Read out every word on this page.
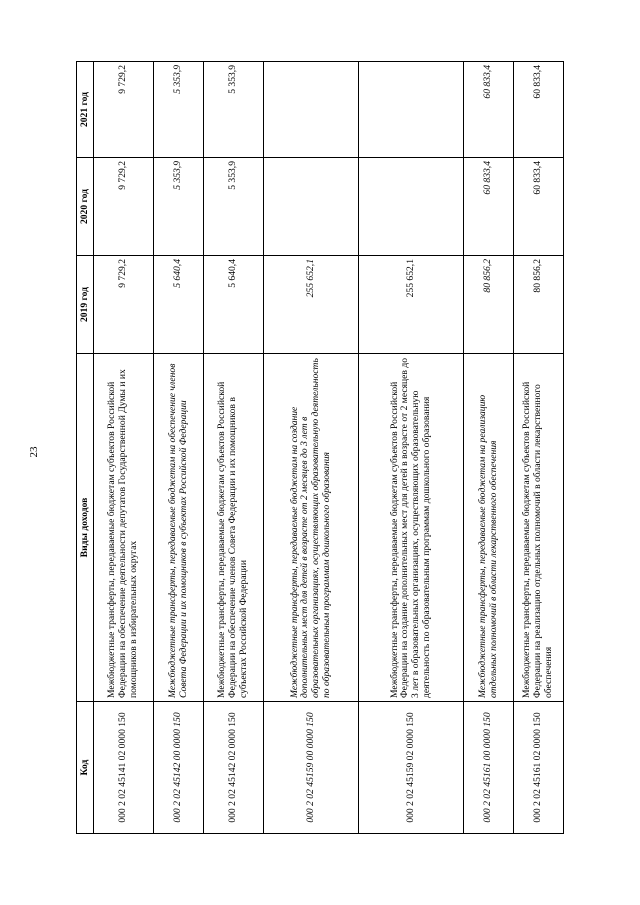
23
Код	Виды доходов	2019 год	2020 год	2021 год
000 2 02 45141 02 0000 150	Межбюджетные трансферты, передаваемые бюджетам субъектов Российской Федерации на обеспечение деятельности депутатов Государственной Думы и их помощников в избирательных округах	9 729,2	9 729,2	9 729,2
000 2 02 45142 00 0000 150	Межбюджетные трансферты, передаваемые бюджетам на обеспечение членов Совета Федерации и их помощников в субъектах Российской Федерации	5 640,4	5 353,9	5 353,9
000 2 02 45142 02 0000 150	Межбюджетные трансферты, передаваемые бюджетам субъектов Российской Федерации на обеспечение членов Совета Федерации и их помощников в субъектах Российской Федерации	5 640,4	5 353,9	5 353,9
000 2 02 45159 00 0000 150	Межбюджетные трансферты, передаваемые бюджетам на создание дополнительных мест для детей в возрасте от 2 месяцев до 3 лет в образовательных организациях, осуществляющих образовательную деятельность по образовательным программам дошкольного образования	255 652,1		
000 2 02 45159 02 0000 150	Межбюджетные трансферты, передаваемые бюджетам субъектов Российской Федерации на создание дополнительных мест для детей в возрасте от 2 месяцев до 3 лет в образовательных организациях, осуществляющих образовательную деятельность по образовательным программам дошкольного образования	255 652,1		
000 2 02 45161 00 0000 150	Межбюджетные трансферты, передаваемые бюджетам на реализацию отдельных полномочий в области лекарственного обеспечения	80 856,2	60 833,4	60 833,4
000 2 02 45161 02 0000 150	Межбюджетные трансферты, передаваемые бюджетам субъектов Российской Федерации на реализацию отдельных полномочий в области лекарственного обеспечения	80 856,2	60 833,4	60 833,4
